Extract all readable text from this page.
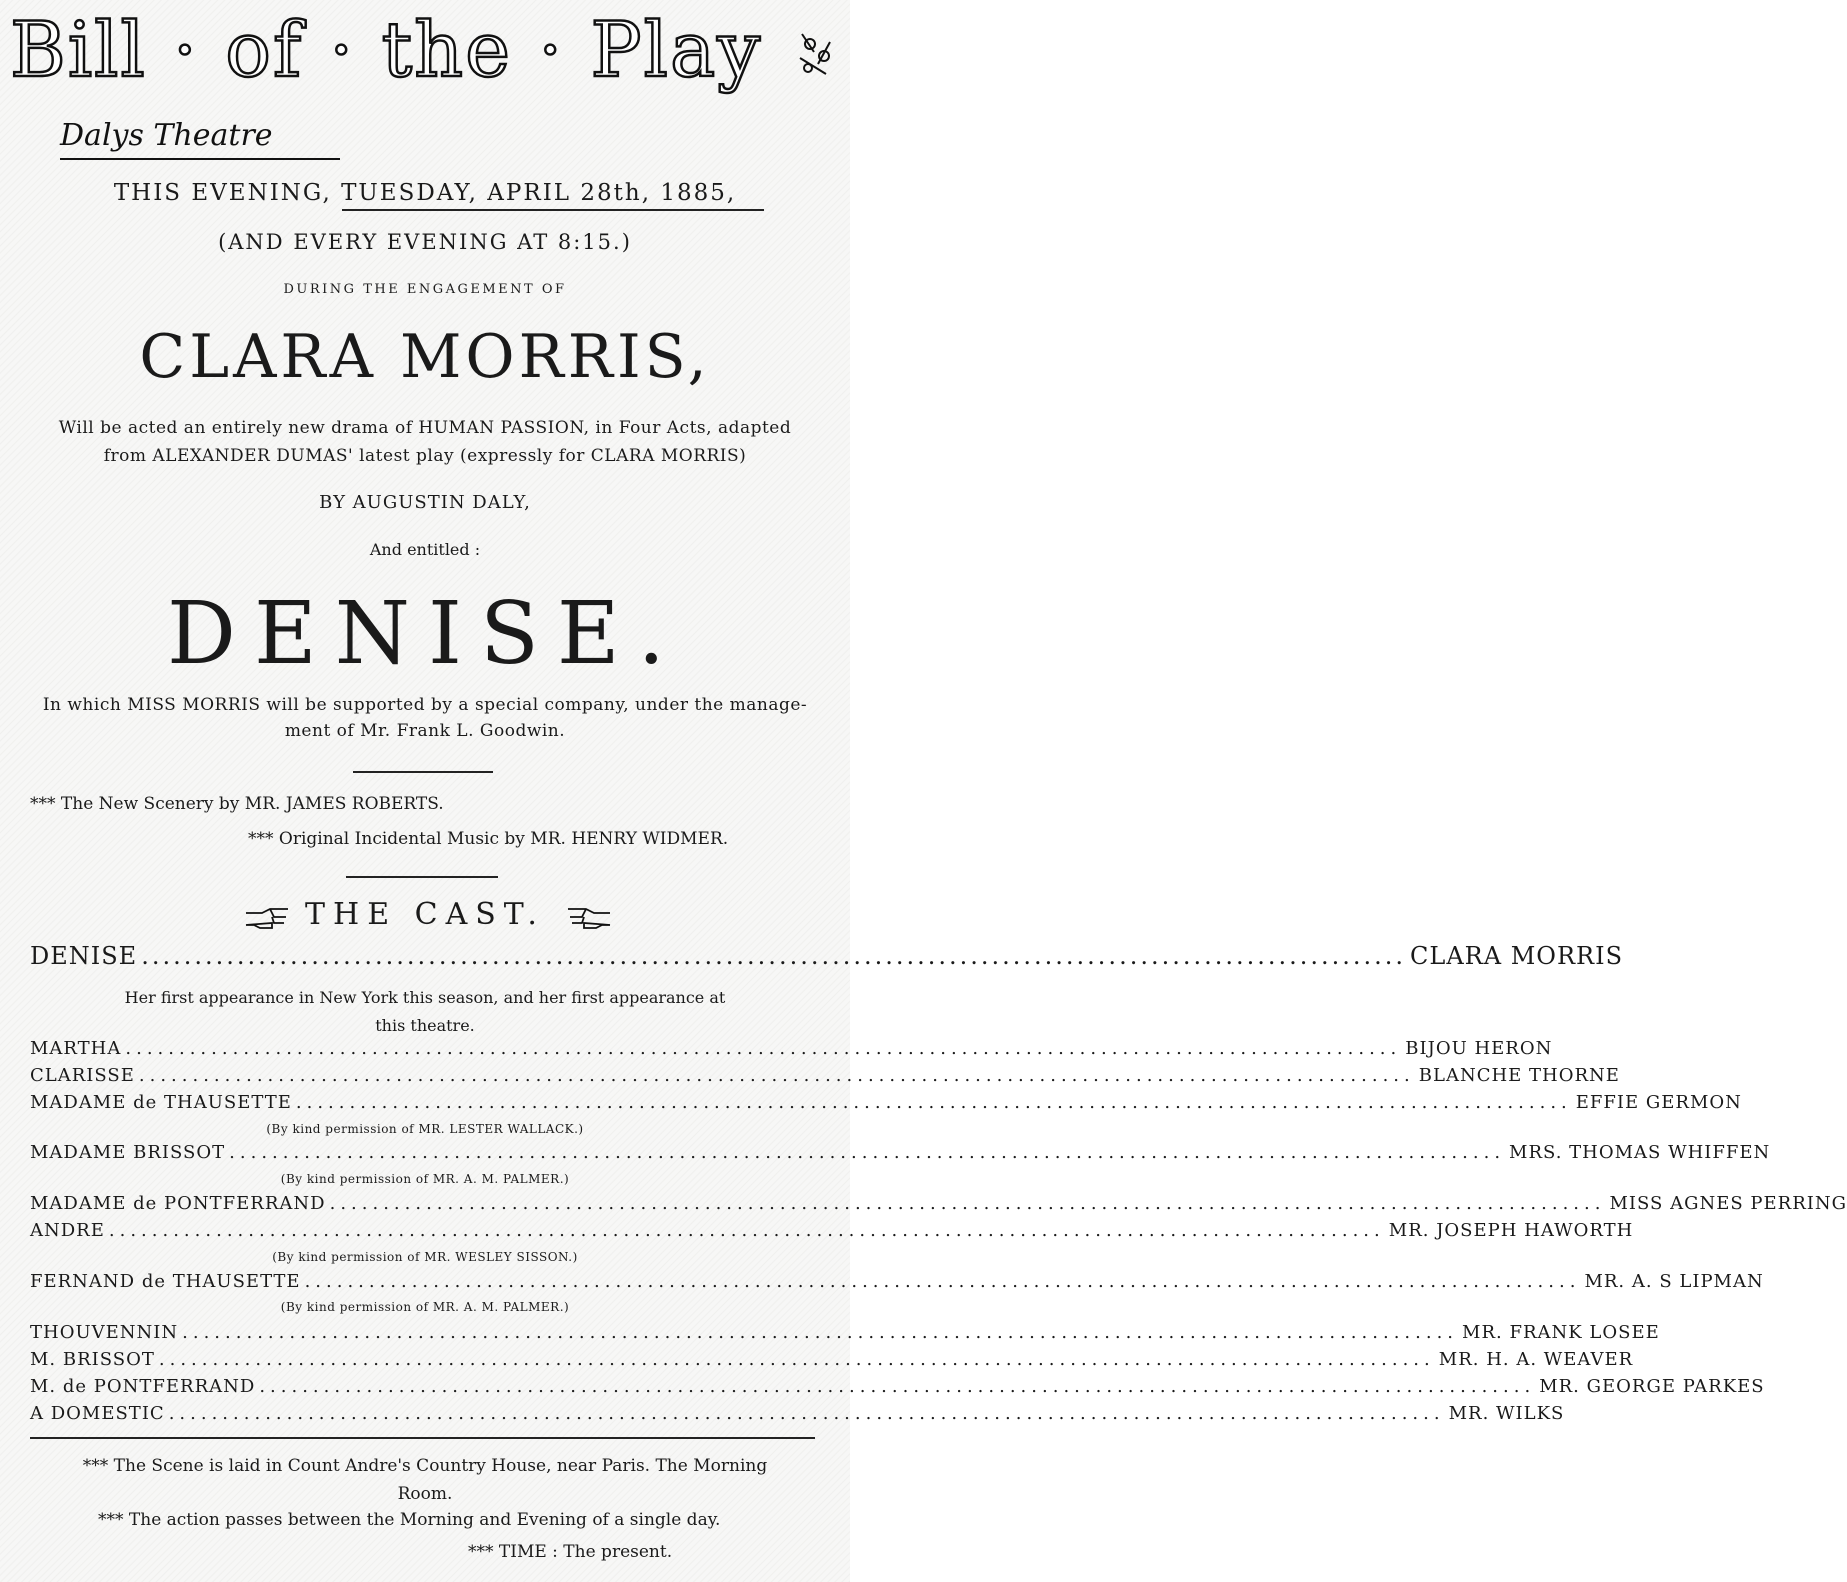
Bill · of · the · Play
Dalys Theatre
THIS EVENING, TUESDAY, APRIL 28th, 1885,
(AND EVERY EVENING AT 8:15.)
DURING THE ENGAGEMENT OF
CLARA MORRIS,
Will be acted an entirely new drama of HUMAN PASSION, in Four Acts, adapted
from ALEXANDER DUMAS' latest play (expressly for CLARA MORRIS)
BY AUGUSTIN DALY,
And entitled :
DENISE.
In which MISS MORRIS will be supported by a special company, under the manage-
ment of Mr. Frank L. Goodwin.
*** The New Scenery by MR. JAMES ROBERTS.
*** Original Incidental Music by MR. HENRY WIDMER.
THE CAST.
DENISE ....................................................................................................................... CLARA MORRIS
Her first appearance in New York this season, and her first appearance at
this theatre.
MARTHA ....................................................................................................................... BIJOU HERON
CLARISSE ....................................................................................................................... BLANCHE THORNE
MADAME de THAUSETTE ....................................................................................................................... EFFIE GERMON
(By kind permission of MR. LESTER WALLACK.)
MADAME BRISSOT ....................................................................................................................... MRS. THOMAS WHIFFEN
(By kind permission of MR. A. M. PALMER.)
MADAME de PONTFERRAND ....................................................................................................................... MISS AGNES PERRING
ANDRE ....................................................................................................................... MR. JOSEPH HAWORTH
(By kind permission of MR. WESLEY SISSON.)
FERNAND de THAUSETTE ....................................................................................................................... MR. A. S LIPMAN
(By kind permission of MR. A. M. PALMER.)
THOUVENNIN ....................................................................................................................... MR. FRANK LOSEE
M. BRISSOT ....................................................................................................................... MR. H. A. WEAVER
M. de PONTFERRAND ....................................................................................................................... MR. GEORGE PARKES
A DOMESTIC ....................................................................................................................... MR. WILKS
*** The Scene is laid in Count Andre's Country House, near Paris. The Morning
Room.
*** The action passes between the Morning and Evening of a single day.
*** TIME : The present.
